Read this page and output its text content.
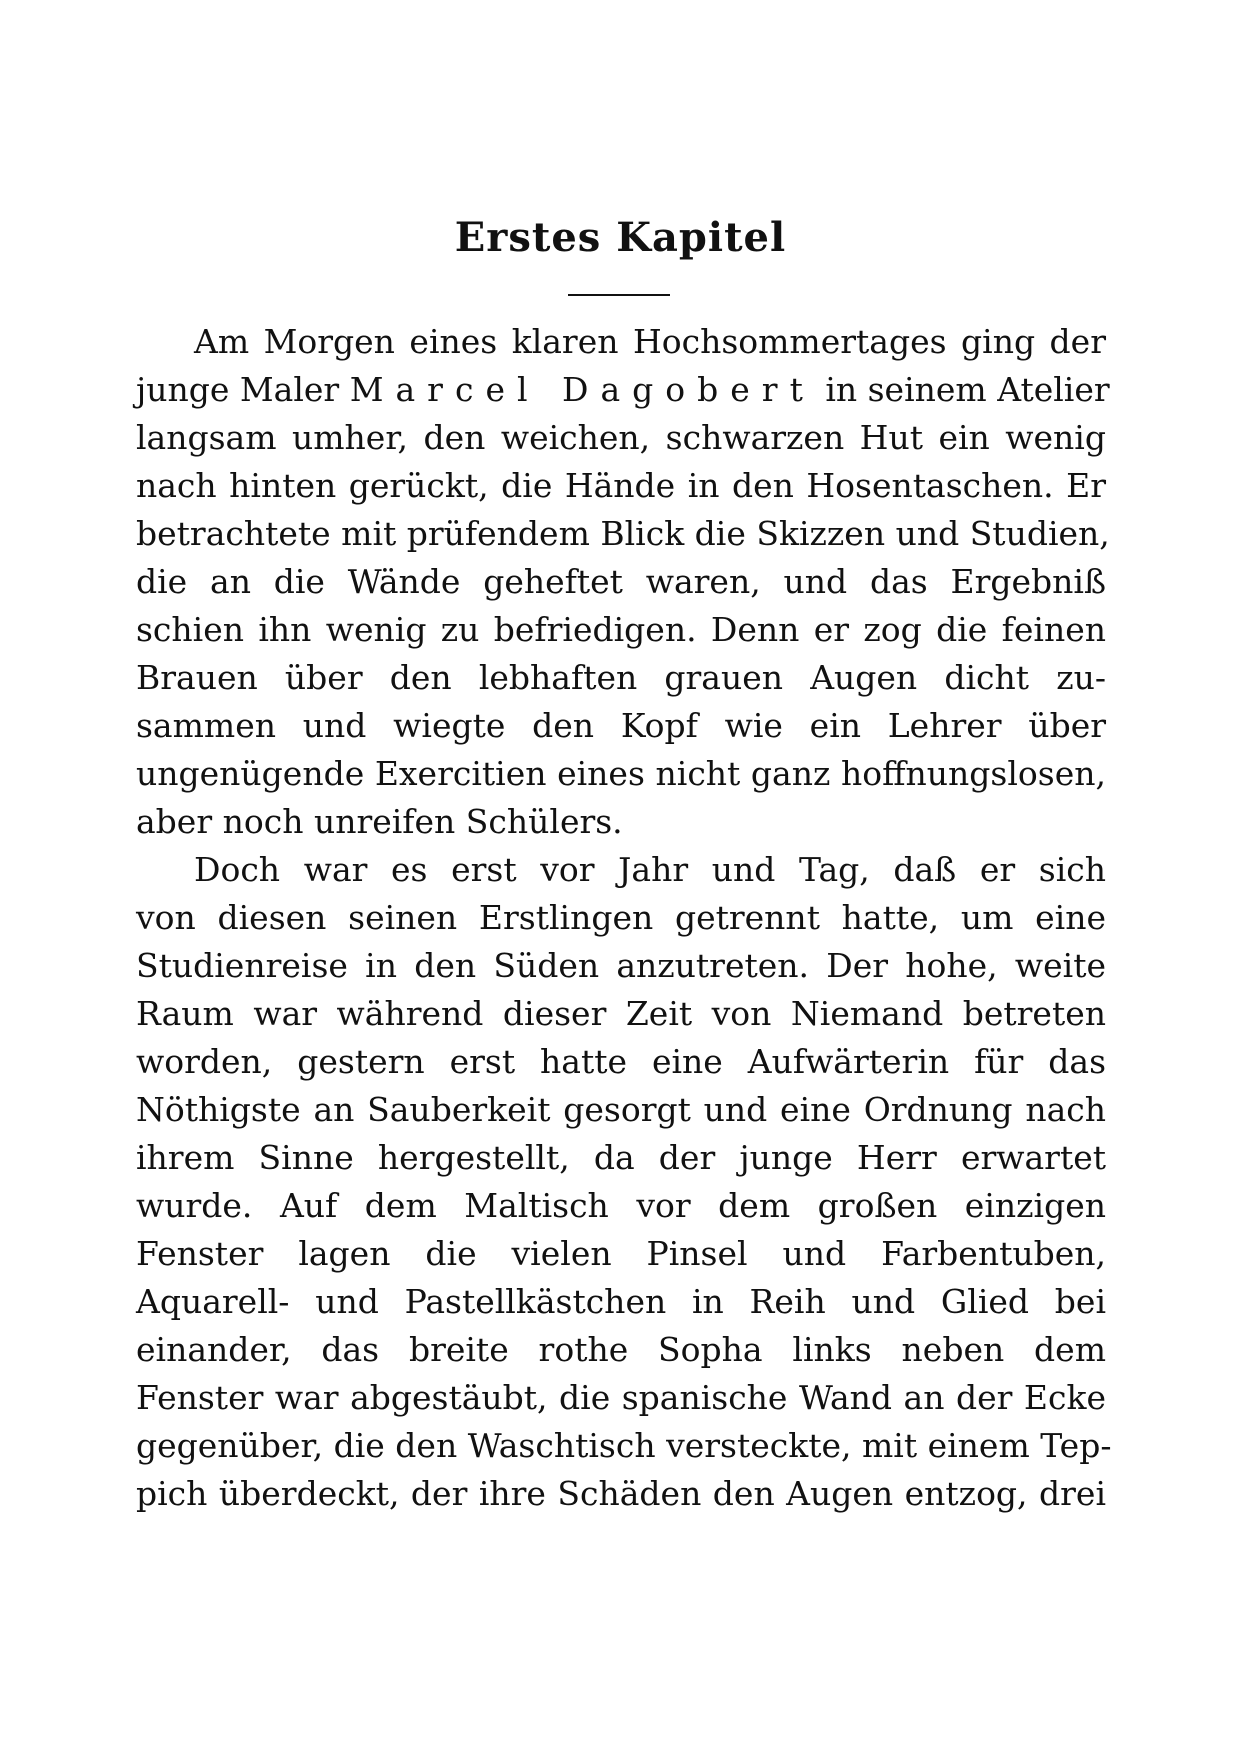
Erstes Kapitel
Am Morgen eines klaren Hochsommertages ging der
junge Maler Marcel Dagobert in seinem Atelier
langsam umher, den weichen, schwarzen Hut ein wenig
nach hinten gerückt, die Hände in den Hosentaschen. Er
betrachtete mit prüfendem Blick die Skizzen und Studien,
die an die Wände geheftet waren, und das Ergebniß
schien ihn wenig zu befriedigen. Denn er zog die feinen
Brauen über den lebhaften grauen Augen dicht zu-
sammen und wiegte den Kopf wie ein Lehrer über
ungenügende Exercitien eines nicht ganz hoffnungslosen,
aber noch unreifen Schülers.
Doch war es erst vor Jahr und Tag, daß er sich
von diesen seinen Erstlingen getrennt hatte, um eine
Studienreise in den Süden anzutreten. Der hohe, weite
Raum war während dieser Zeit von Niemand betreten
worden, gestern erst hatte eine Aufwärterin für das
Nöthigste an Sauberkeit gesorgt und eine Ordnung nach
ihrem Sinne hergestellt, da der junge Herr erwartet
wurde. Auf dem Maltisch vor dem großen einzigen
Fenster lagen die vielen Pinsel und Farbentuben,
Aquarell- und Pastellkästchen in Reih und Glied bei
einander, das breite rothe Sopha links neben dem
Fenster war abgestäubt, die spanische Wand an der Ecke
gegenüber, die den Waschtisch versteckte, mit einem Tep-
pich überdeckt, der ihre Schäden den Augen entzog, drei
